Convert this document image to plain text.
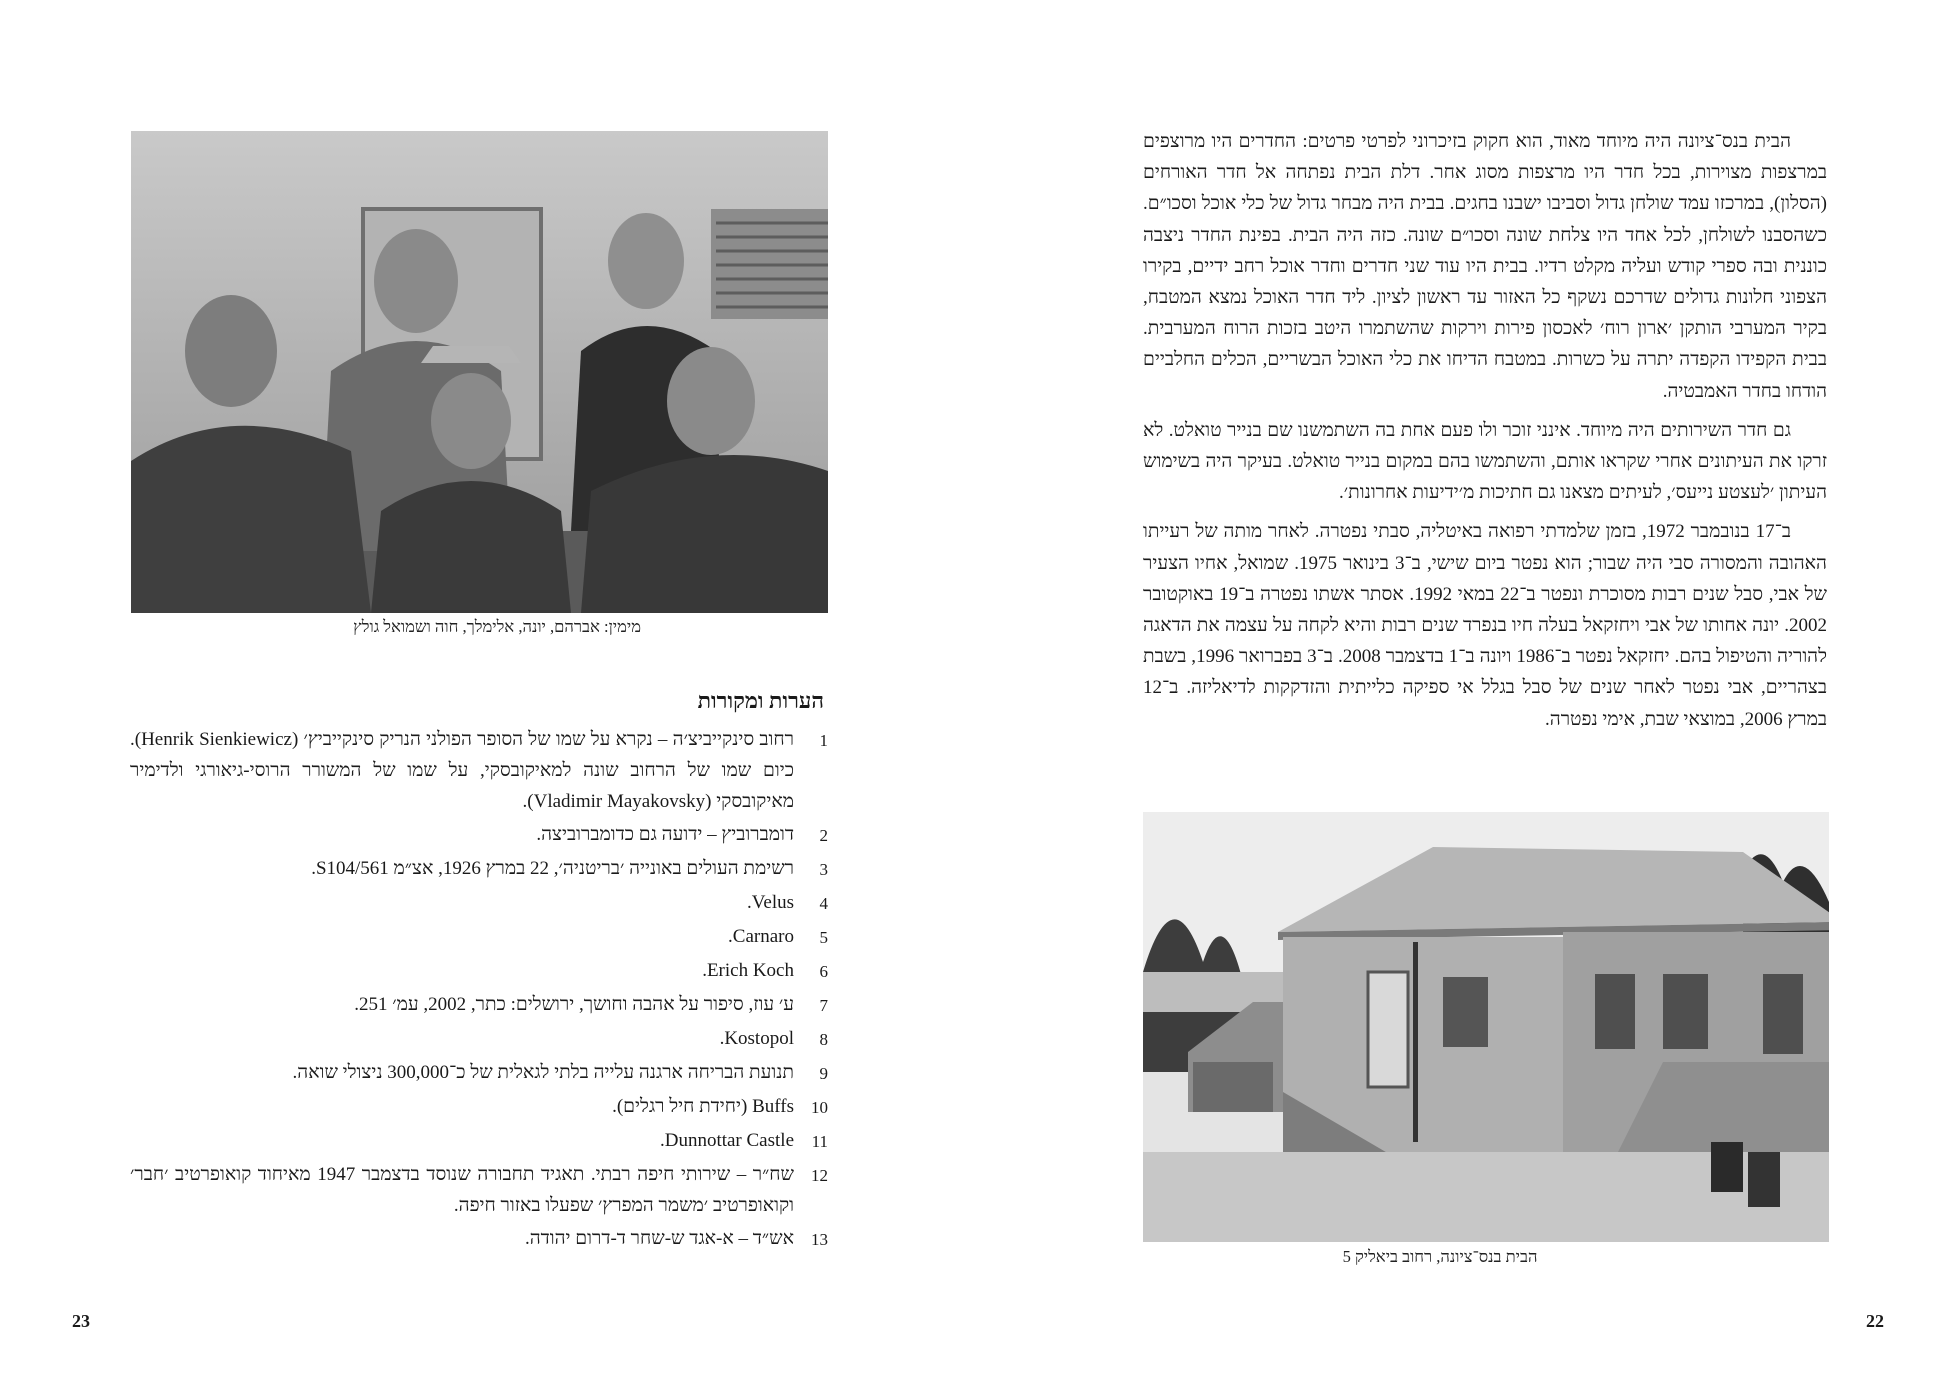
מימין: אברהם, יונה, אלימלך, חוה ושמואל גולץ
הערות ומקורות
1
רחוב סינקייביצ׳ה – נקרא על שמו של הסופר הפולני הנריק סינקייביץ׳ (Henrik Sienkiewicz). כיום שמו של הרחוב שונה למאיקובסקי, על שמו של המשורר הרוסי-גיאורגי ולדימיר מאיקובסקי (Vladimir Mayakovsky).
2
דומברוביץ – ידועה גם כדומברוביצה.
3
רשימת העולים באונייה ׳בריטניה׳, 22 במרץ 1926, אצ״מ S104/561.
4
Velus.
5
Carnaro.
6
Erich Koch.
7
ע׳ עוז, סיפור על אהבה וחושך, ירושלים: כתר, 2002, עמ׳ 251.
8
Kostopol.
9
תנועת הבריחה ארגנה עלייה בלתי לגאלית של כ־300,000 ניצולי שואה.
10
Buffs (יחידת חיל רגלים).
11
Dunnottar Castle.
12
שח״ר – שירותי חיפה רבתי. תאגיד תחבורה שנוסד בדצמבר 1947 מאיחוד קואופרטיב ׳חבר׳ וקואופרטיב ׳משמר המפרץ׳ שפעלו באזור חיפה.
13
אש״ד – א-אגד ש-שחר ד-דרום יהודה.
23

הבית בנס־ציונה היה מיוחד מאוד, הוא חקוק בזיכרוני לפרטי פרטים: החדרים היו מרוצפים במרצפות מצוירות, בכל חדר היו מרצפות מסוג אחר. דלת הבית נפתחה אל חדר האורחים (הסלון), במרכזו עמד שולחן גדול וסביבו ישבנו בחגים. בבית היה מבחר גדול של כלי אוכל וסכו״ם. כשהסבנו לשולחן, לכל אחד היו צלחת שונה וסכו״ם שונה. כזה היה הבית. בפינת החדר ניצבה כוננית ובה ספרי קודש ועליה מקלט רדיו. בבית היו עוד שני חדרים וחדר אוכל רחב ידיים, בקירו הצפוני חלונות גדולים שדרכם נשקף כל האזור עד ראשון לציון. ליד חדר האוכל נמצא המטבח, בקיר המערבי הותקן ׳ארון רוח׳ לאכסון פירות וירקות שהשתמרו היטב בזכות הרוח המערבית. בבית הקפידו הקפדה יתרה על כשרות. במטבח הדיחו את כלי האוכל הבשריים, הכלים החלביים הודחו בחדר האמבטיה.

גם חדר השירותים היה מיוחד. אינני זוכר ולו פעם אחת בה השתמשנו שם בנייר טואלט. לא זרקו את העיתונים אחרי שקראו אותם, והשתמשו בהם במקום בנייר טואלט. בעיקר היה בשימוש העיתון ׳לעצטע נייעס׳, לעיתים מצאנו גם חתיכות מ׳ידיעות אחרונות׳.

ב־17 בנובמבר 1972, בזמן שלמדתי רפואה באיטליה, סבתי נפטרה. לאחר מותה של רעייתו האהובה והמסורה סבי היה שבור; הוא נפטר ביום שישי, ב־3 בינואר 1975. שמואל, אחיו הצעיר של אבי, סבל שנים רבות מסוכרת ונפטר ב־22 במאי 1992. אסתר אשתו נפטרה ב־19 באוקטובר 2002. יונה אחותו של אבי ויחזקאל בעלה חיו בנפרד שנים רבות והיא לקחה על עצמה את הדאגה להוריה והטיפול בהם. יחזקאל נפטר ב־1986 ויונה ב־1 בדצמבר 2008. ב־3 בפברואר 1996, בשבת בצהריים, אבי נפטר לאחר שנים של סבל בגלל אי ספיקה כלייתית והזדקקות לדיאליזה. ב־12 במרץ 2006, במוצאי שבת, אימי נפטרה.

הבית בנס־ציונה, רחוב ביאליק 5
22
